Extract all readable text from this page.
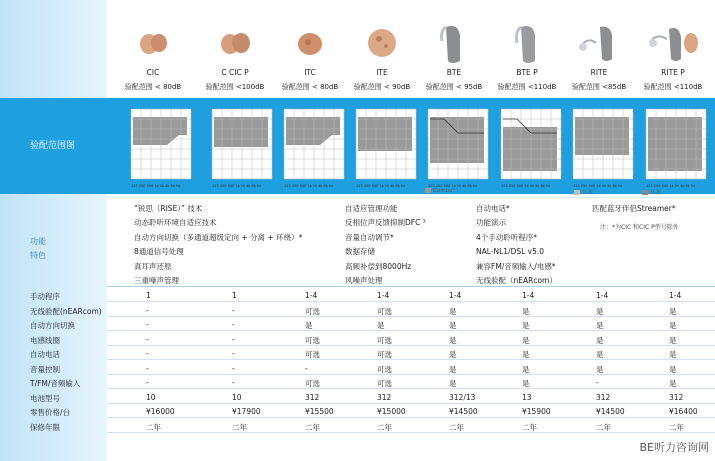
CIC
验配范围 < 80dB
C CIC P
验配范围 <100dB
ITC
验配范围 < 80dB
ITE
验配范围 < 90dB
BTE
验配范围 < 95dB
BTE P
验配范围 <110dB
RITE
验配范围 <85dB
RITE P
验配范围 <110dB
验配范围图
125 250 500 1k 2k 4k 8k Hz	125 250 500 1k 2k 4k 8k Hz	125 250 500 1k 2k 4k 8k Hz	125 250 500 1k 2k 4k 8k Hz	125 250 500 1k 2k 4k 8k Hz	125 250 500 1k 2k 4k 8k Hz	125 250 500 1k 2k 4k 8k Hz	125 250 500 1k 2k 4k 8k Hz
Combo²	耳塞	耳塞
功能
特色
“锐思（RISE）” 技术
动态聆听环境自适应技术
自动方向切换（多通道超级定向 + 分离 + 环绕）*
8通道信号处理
真耳声还原
三重噪声管理
自适应管理功能
反相位声反馈抑制DFC ³
音量自动调节*
数据存储
高频补偿到8000Hz
风噪声处理
自动电话*
功能演示
4个手动聆听程序*
NAL-NL1/DSL v5.0
兼容FM/音频输入/电感*
无线验配（nEARcom）
匹配蓝牙伴侣Streamer*
注：*为CIC 和CIC P型号除外
手动程序	1	1	1-4	1-4	1-4	1-4	1-4	1-4
无线验配(nEARcom)	-	-	可选	可选	是	是	是	是
自动方向切换	-	-	是	是	是	是	是	是
电感线圈	-	-	可选	可选	是	是	是	是
自动电话	-	-	可选	可选	是	是	是	是
音量控制	-	-	-	可选	是	是	是	是
T/FM/音频输入	-	-	可选	可选	是	是	-	是
电池型号	10	10	312	312	312/13	13	312	312
零售价格/台	¥16000	¥17900	¥15500	¥15000	¥14500	¥15900	¥14500	¥16400
保修年限	二年	二年	二年	二年	二年	二年	二年	二年
BE听力咨询网
